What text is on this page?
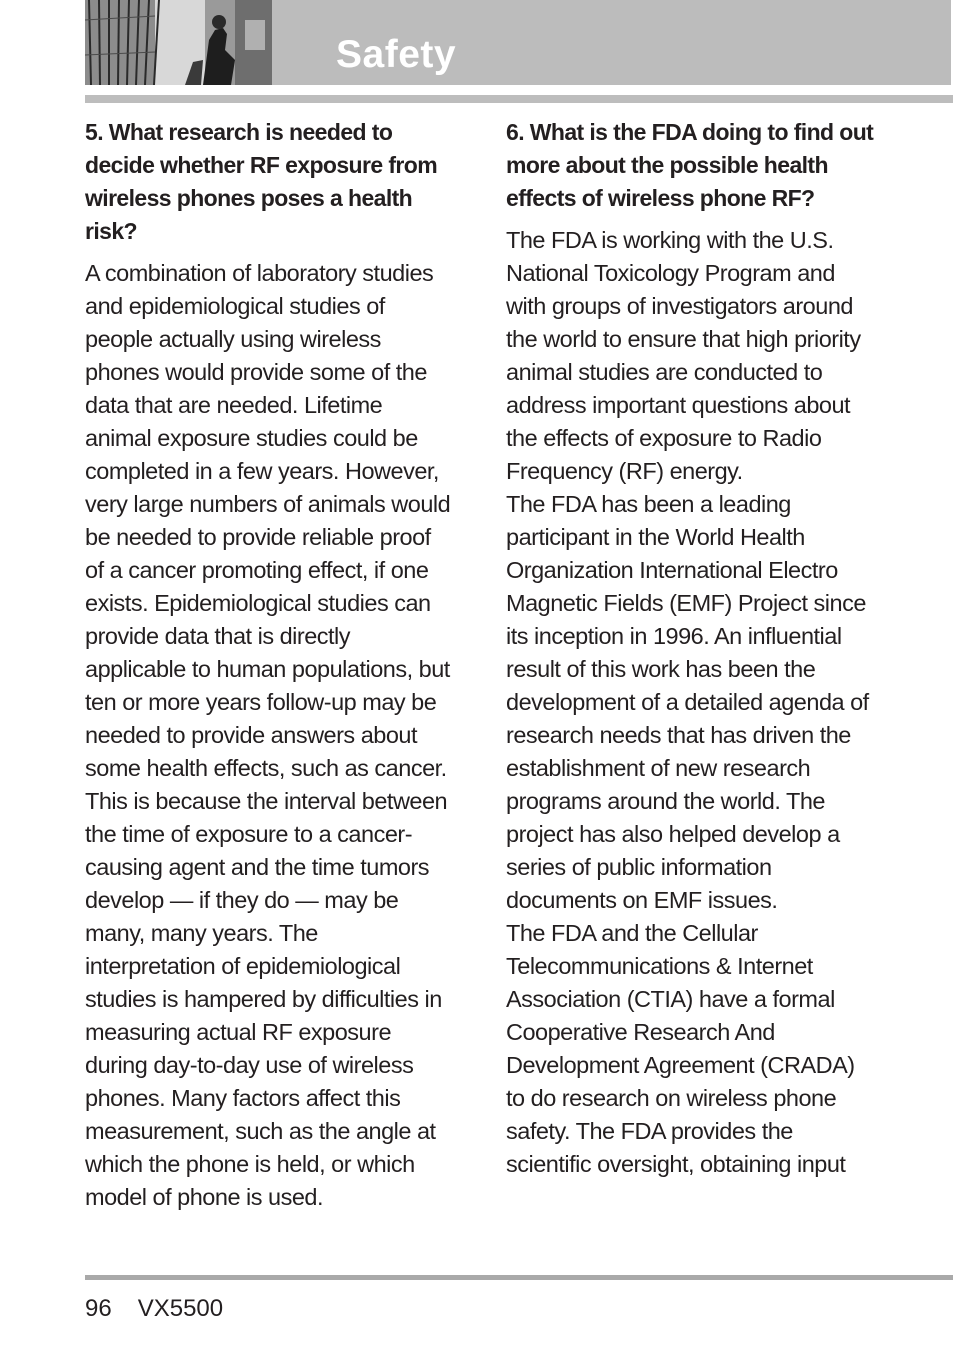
Safety

5. What research is needed to decide whether RF exposure from wireless phones poses a health risk?

A combination of laboratory studies and epidemiological studies of people actually using wireless phones would provide some of the data that are needed. Lifetime animal exposure studies could be completed in a few years. However, very large numbers of animals would be needed to provide reliable proof of a cancer promoting effect, if one exists. Epidemiological studies can provide data that is directly applicable to human populations, but ten or more years follow-up may be needed to provide answers about some health effects, such as cancer. This is because the interval between the time of exposure to a cancer-causing agent and the time tumors develop — if they do — may be many, many years. The interpretation of epidemiological studies is hampered by difficulties in measuring actual RF exposure during day-to-day use of wireless phones. Many factors affect this measurement, such as the angle at which the phone is held, or which model of phone is used.

6. What is the FDA doing to find out more about the possible health effects of wireless phone RF?

The FDA is working with the U.S. National Toxicology Program and with groups of investigators around the world to ensure that high priority animal studies are conducted to address important questions about the effects of exposure to Radio Frequency (RF) energy.

The FDA has been a leading participant in the World Health Organization International Electro Magnetic Fields (EMF) Project since its inception in 1996. An influential result of this work has been the development of a detailed agenda of research needs that has driven the establishment of new research programs around the world. The project has also helped develop a series of public information documents on EMF issues.

The FDA and the Cellular Telecommunications & Internet Association (CTIA) have a formal Cooperative Research And Development Agreement (CRADA) to do research on wireless phone safety. The FDA provides the scientific oversight, obtaining input

96 VX5500
